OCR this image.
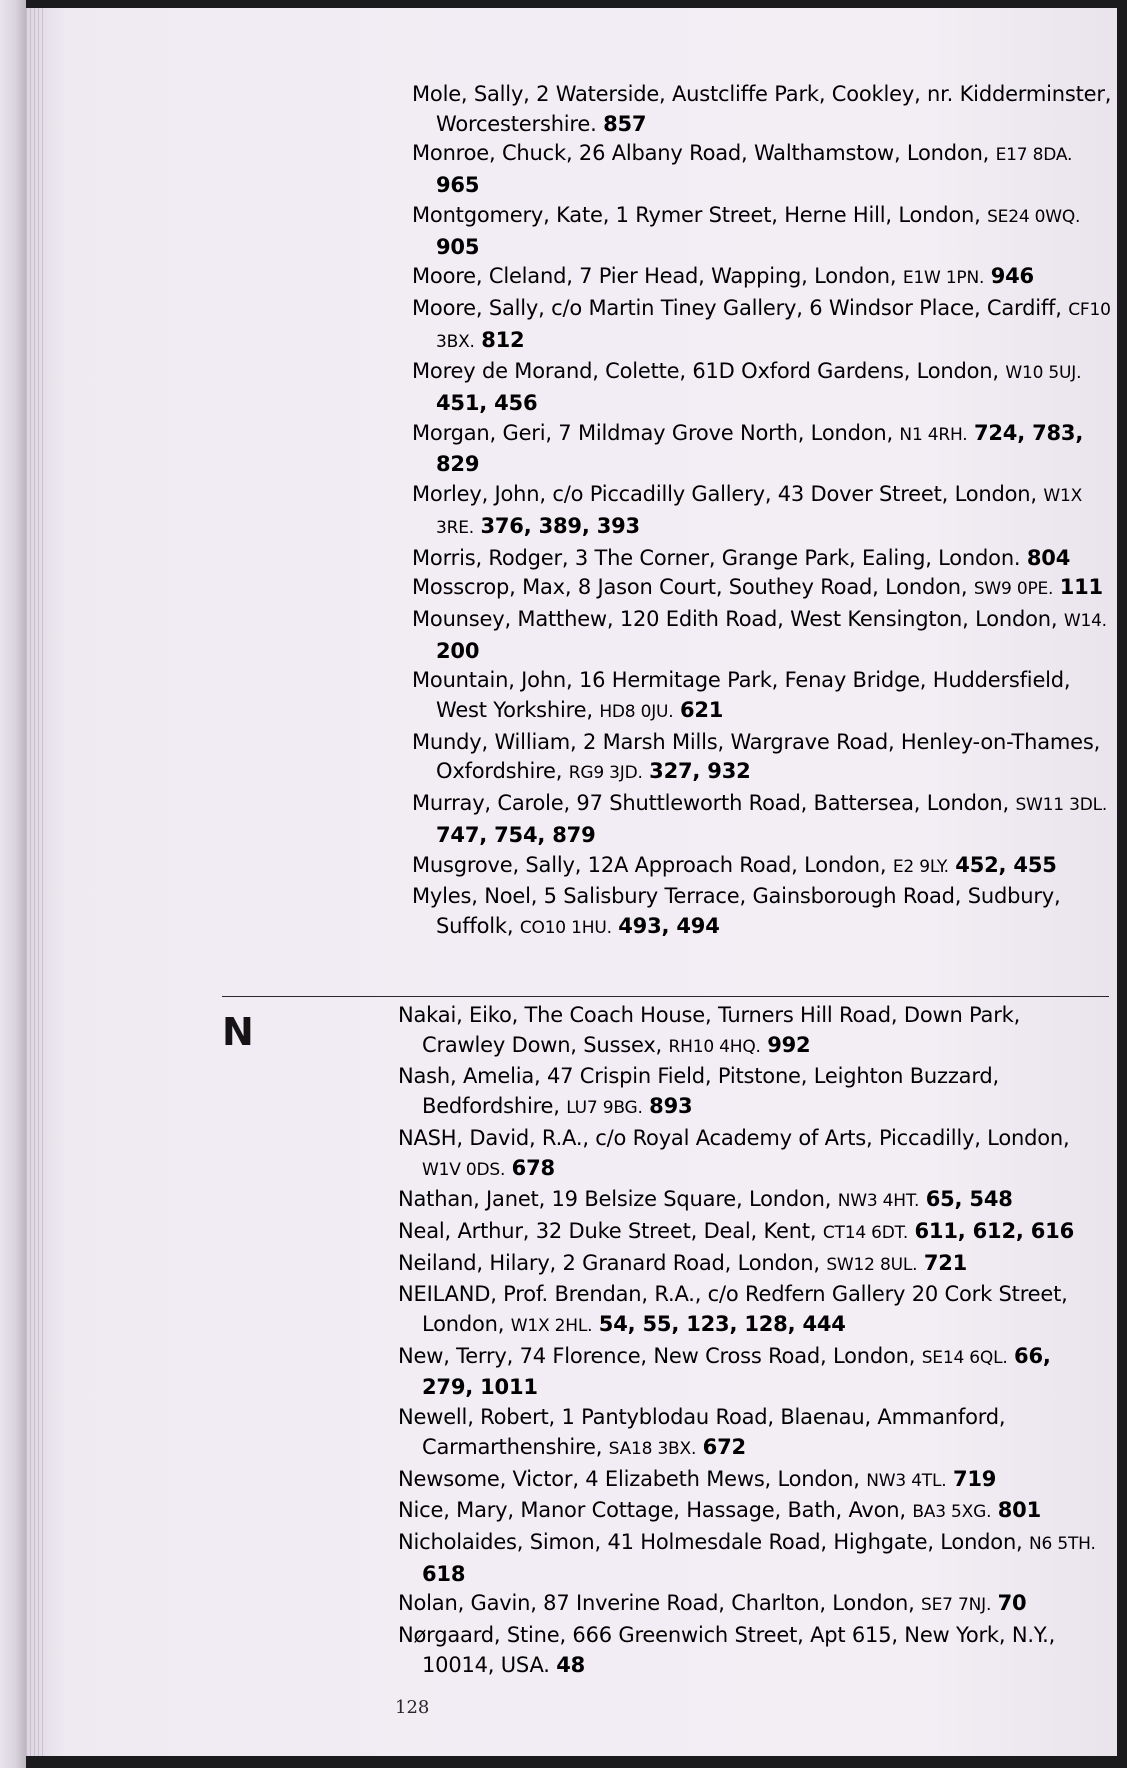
Mole, Sally, 2 Waterside, Austcliffe Park, Cookley, nr. Kidderminster, Worcestershire. 857
Monroe, Chuck, 26 Albany Road, Walthamstow, London, E17 8DA. 965
Montgomery, Kate, 1 Rymer Street, Herne Hill, London, SE24 0WQ. 905
Moore, Cleland, 7 Pier Head, Wapping, London, E1W 1PN. 946
Moore, Sally, c/o Martin Tiney Gallery, 6 Windsor Place, Cardiff, CF10 3BX. 812
Morey de Morand, Colette, 61D Oxford Gardens, London, W10 5UJ. 451, 456
Morgan, Geri, 7 Mildmay Grove North, London, N1 4RH. 724, 783, 829
Morley, John, c/o Piccadilly Gallery, 43 Dover Street, London, W1X 3RE. 376, 389, 393
Morris, Rodger, 3 The Corner, Grange Park, Ealing, London. 804
Mosscrop, Max, 8 Jason Court, Southey Road, London, SW9 0PE. 111
Mounsey, Matthew, 120 Edith Road, West Kensington, London, W14. 200
Mountain, John, 16 Hermitage Park, Fenay Bridge, Huddersfield, West Yorkshire, HD8 0JU. 621
Mundy, William, 2 Marsh Mills, Wargrave Road, Henley-on-Thames, Oxfordshire, RG9 3JD. 327, 932
Murray, Carole, 97 Shuttleworth Road, Battersea, London, SW11 3DL. 747, 754, 879
Musgrove, Sally, 12A Approach Road, London, E2 9LY. 452, 455
Myles, Noel, 5 Salisbury Terrace, Gainsborough Road, Sudbury, Suffolk, CO10 1HU. 493, 494
N	Nakai, Eiko, The Coach House, Turners Hill Road, Down Park, Crawley Down, Sussex, RH10 4HQ. 992
Nash, Amelia, 47 Crispin Field, Pitstone, Leighton Buzzard, Bedfordshire, LU7 9BG. 893
NASH, David, R.A., c/o Royal Academy of Arts, Piccadilly, London, W1V 0DS. 678
Nathan, Janet, 19 Belsize Square, London, NW3 4HT. 65, 548
Neal, Arthur, 32 Duke Street, Deal, Kent, CT14 6DT. 611, 612, 616
Neiland, Hilary, 2 Granard Road, London, SW12 8UL. 721
NEILAND, Prof. Brendan, R.A., c/o Redfern Gallery 20 Cork Street, London, W1X 2HL. 54, 55, 123, 128, 444
New, Terry, 74 Florence, New Cross Road, London, SE14 6QL. 66, 279, 1011
Newell, Robert, 1 Pantyblodau Road, Blaenau, Ammanford, Carmarthenshire, SA18 3BX. 672
Newsome, Victor, 4 Elizabeth Mews, London, NW3 4TL. 719
Nice, Mary, Manor Cottage, Hassage, Bath, Avon, BA3 5XG. 801
Nicholaides, Simon, 41 Holmesdale Road, Highgate, London, N6 5TH. 618
Nolan, Gavin, 87 Inverine Road, Charlton, London, SE7 7NJ. 70
Nørgaard, Stine, 666 Greenwich Street, Apt 615, New York, N.Y., 10014, USA. 48
128
